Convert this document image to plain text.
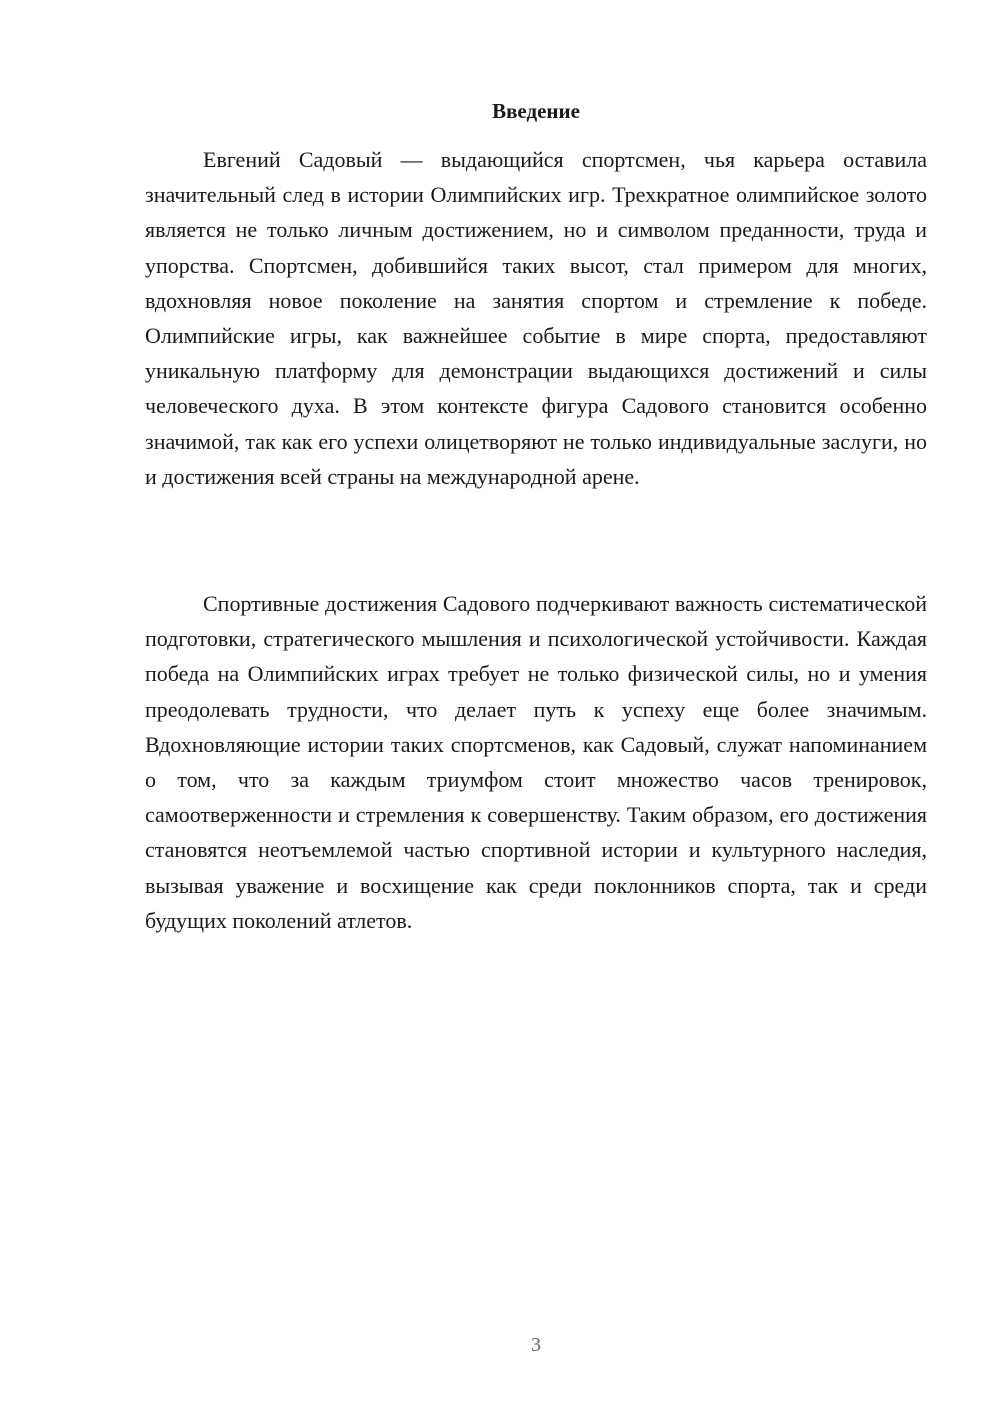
Введение

Евгений Садовый — выдающийся спортсмен, чья карьера оставила значительный след в истории Олимпийских игр. Трехкратное олимпийское золото является не только личным достижением, но и символом преданности, труда и упорства. Спортсмен, добившийся таких высот, стал примером для многих, вдохновляя новое поколение на занятия спортом и стремление к победе. Олимпийские игры, как важнейшее событие в мире спорта, предоставляют уникальную платформу для демонстрации выдающихся достижений и силы человеческого духа. В этом контексте фигура Садового становится особенно значимой, так как его успехи олицетворяют не только индивидуальные заслуги, но и достижения всей страны на международной арене.

Спортивные достижения Садового подчеркивают важность систематической подготовки, стратегического мышления и психологической устойчивости. Каждая победа на Олимпийских играх требует не только физической силы, но и умения преодолевать трудности, что делает путь к успеху еще более значимым. Вдохновляющие истории таких спортсменов, как Садовый, служат напоминанием о том, что за каждым триумфом стоит множество часов тренировок, самоотверженности и стремления к совершенству. Таким образом, его достижения становятся неотъемлемой частью спортивной истории и культурного наследия, вызывая уважение и восхищение как среди поклонников спорта, так и среди будущих поколений атлетов.

3
